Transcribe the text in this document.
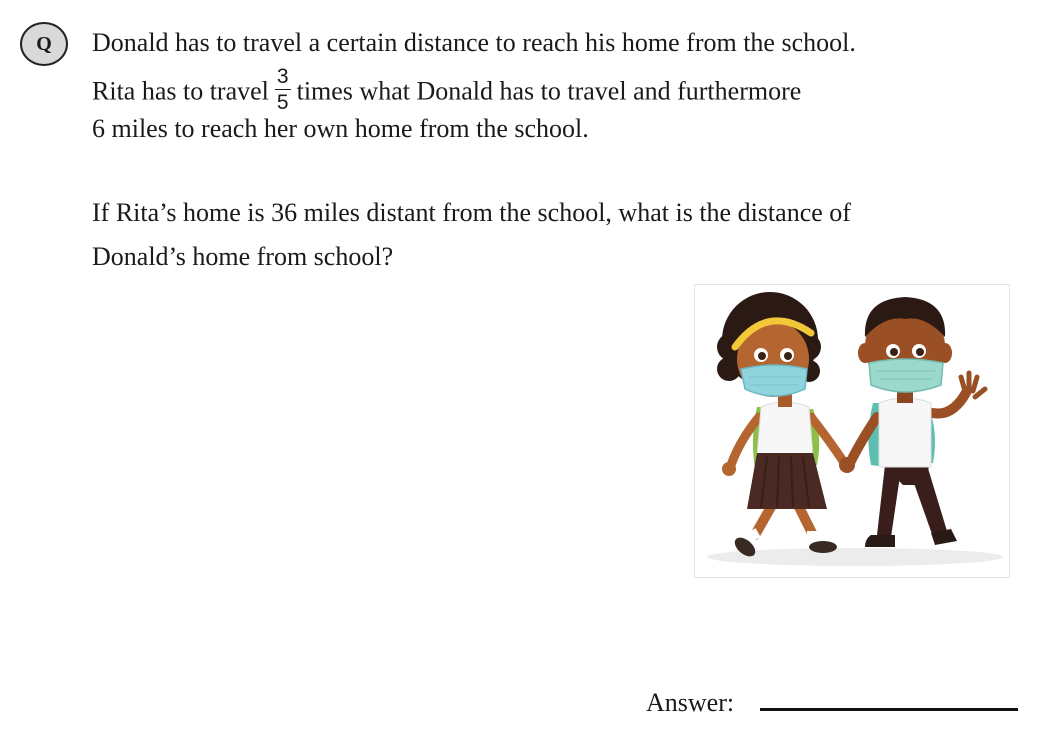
Q	Donald has to travel a certain distance to reach his home from the school.
Rita has to travel $\frac{3}{5}$ times what Donald has to travel and furthermore
6 miles to reach her own home from the school.
If Rita’s home is 36 miles distant from the school, what is the distance of
Donald’s home from school?
Answer:
